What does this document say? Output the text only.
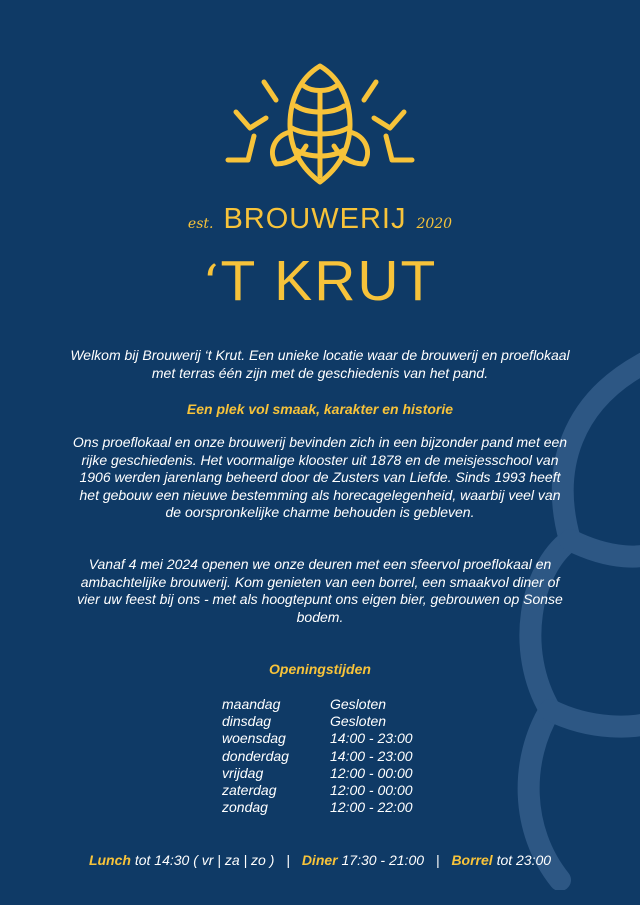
est. BROUWERIJ 2020
‘T KRUT
Welkom bij Brouwerij ‘t Krut. Een unieke locatie waar de brouwerij en proeflokaal met terras één zijn met de geschiedenis van het pand.
Een plek vol smaak, karakter en historie
Ons proeflokaal en onze brouwerij bevinden zich in een bijzonder pand met een rijke geschiedenis. Het voormalige klooster uit 1878 en de meisjesschool van 1906 werden jarenlang beheerd door de Zusters van Liefde. Sinds 1993 heeft het gebouw een nieuwe bestemming als horecagelegenheid, waarbij veel van de oorspronkelijke charme behouden is gebleven.
Vanaf 4 mei 2024 openen we onze deuren met een sfeervol proeflokaal en ambachtelijke brouwerij. Kom genieten van een borrel, een smaakvol diner of vier uw feest bij ons - met als hoogtepunt ons eigen bier, gebrouwen op Sonse bodem.
Openingstijden
maandag	Gesloten
dinsdag	Gesloten
woensdag	14:00 - 23:00
donderdag	14:00 - 23:00
vrijdag	12:00 - 00:00
zaterdag	12:00 - 00:00
zondag	12:00 - 22:00
Lunch tot 14:30 ( vr | za | zo ) | Diner 17:30 - 21:00 | Borrel tot 23:00
